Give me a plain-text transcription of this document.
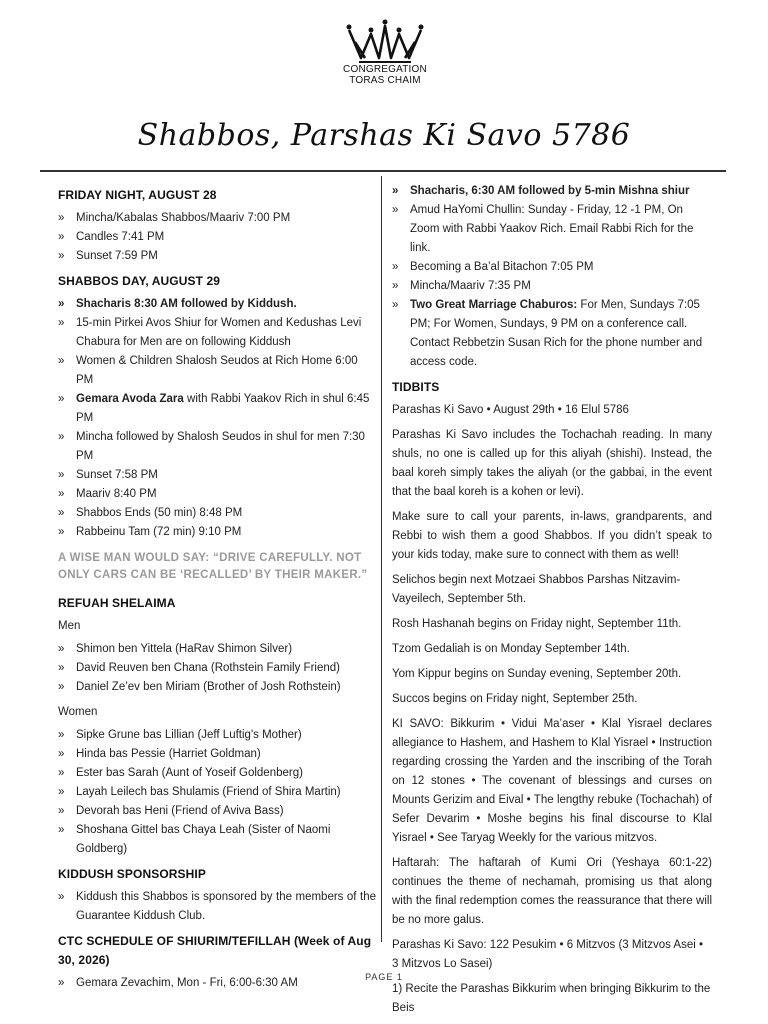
CONGREGATION
TORAS CHAIM
Shabbos, Parshas Ki Savo 5786
FRIDAY NIGHT, AUGUST 28
» Mincha/Kabalas Shabbos/Maariv 7:00 PM
» Candles 7:41 PM
» Sunset 7:59 PM
SHABBOS DAY, AUGUST 29
» Shacharis 8:30 AM followed by Kiddush.
» 15-min Pirkei Avos Shiur for Women and Kedushas Levi Chabura for Men are on following Kiddush
» Women & Children Shalosh Seudos at Rich Home 6:00 PM
» Gemara Avoda Zara with Rabbi Yaakov Rich in shul 6:45 PM
» Mincha followed by Shalosh Seudos in shul for men 7:30 PM
» Sunset 7:58 PM
» Maariv 8:40 PM
» Shabbos Ends (50 min) 8:48 PM
» Rabbeinu Tam (72 min) 9:10 PM
A WISE MAN WOULD SAY: “DRIVE CAREFULLY. NOT ONLY CARS CAN BE ‘RECALLED’ BY THEIR MAKER.”
REFUAH SHELAIMA
Men
» Shimon ben Yittela (HaRav Shimon Silver)
» David Reuven ben Chana (Rothstein Family Friend)
» Daniel Ze’ev ben Miriam (Brother of Josh Rothstein)
Women
» Sipke Grune bas Lillian (Jeff Luftig's Mother)
» Hinda bas Pessie (Harriet Goldman)
» Ester bas Sarah (Aunt of Yoseif Goldenberg)
» Layah Leilech bas Shulamis (Friend of Shira Martin)
» Devorah bas Heni (Friend of Aviva Bass)
» Shoshana Gittel bas Chaya Leah (Sister of Naomi Goldberg)
KIDDUSH SPONSORSHIP
» Kiddush this Shabbos is sponsored by the members of the Guarantee Kiddush Club.
CTC SCHEDULE OF SHIURIM/TEFILLAH (Week of Aug 30, 2026)
» Gemara Zevachim, Mon - Fri, 6:00-6:30 AM
» Shacharis, 6:30 AM followed by 5-min Mishna shiur
» Amud HaYomi Chullin: Sunday - Friday, 12 -1 PM, On Zoom with Rabbi Yaakov Rich. Email Rabbi Rich for the link.
» Becoming a Ba’al Bitachon 7:05 PM
» Mincha/Maariv 7:35 PM
» Two Great Marriage Chaburos: For Men, Sundays 7:05 PM; For Women, Sundays, 9 PM on a conference call. Contact Rebbetzin Susan Rich for the phone number and access code.
TIDBITS

Parashas Ki Savo • August 29th • 16 Elul 5786

Parashas Ki Savo includes the Tochachah reading. In many shuls, no one is called up for this aliyah (shishi). Instead, the baal koreh simply takes the aliyah (or the gabbai, in the event that the baal koreh is a kohen or levi).

Make sure to call your parents, in-laws, grandparents, and Rebbi to wish them a good Shabbos. If you didn’t speak to your kids today, make sure to connect with them as well!

Selichos begin next Motzaei Shabbos Parshas Nitzavim-Vayeilech, September 5th.

Rosh Hashanah begins on Friday night, September 11th.

Tzom Gedaliah is on Monday September 14th.

Yom Kippur begins on Sunday evening, September 20th.

Succos begins on Friday night, September 25th.

KI SAVO: Bikkurim • Vidui Ma’aser • Klal Yisrael declares allegiance to Hashem, and Hashem to Klal Yisrael • Instruction regarding crossing the Yarden and the inscribing of the Torah on 12 stones • The covenant of blessings and curses on Mounts Gerizim and Eival • The lengthy rebuke (Tochachah) of Sefer Devarim • Moshe begins his final discourse to Klal Yisrael • See Taryag Weekly for the various mitzvos.

Haftarah: The haftarah of Kumi Ori (Yeshaya 60:1-22) continues the theme of nechamah, promising us that along with the final redemption comes the reassurance that there will be no more galus.

Parashas Ki Savo: 122 Pesukim • 6 Mitzvos (3 Mitzvos Asei • 3 Mitzvos Lo Sasei)

1) Recite the Parashas Bikkurim when bringing Bikkurim to the Beis

PAGE 1
